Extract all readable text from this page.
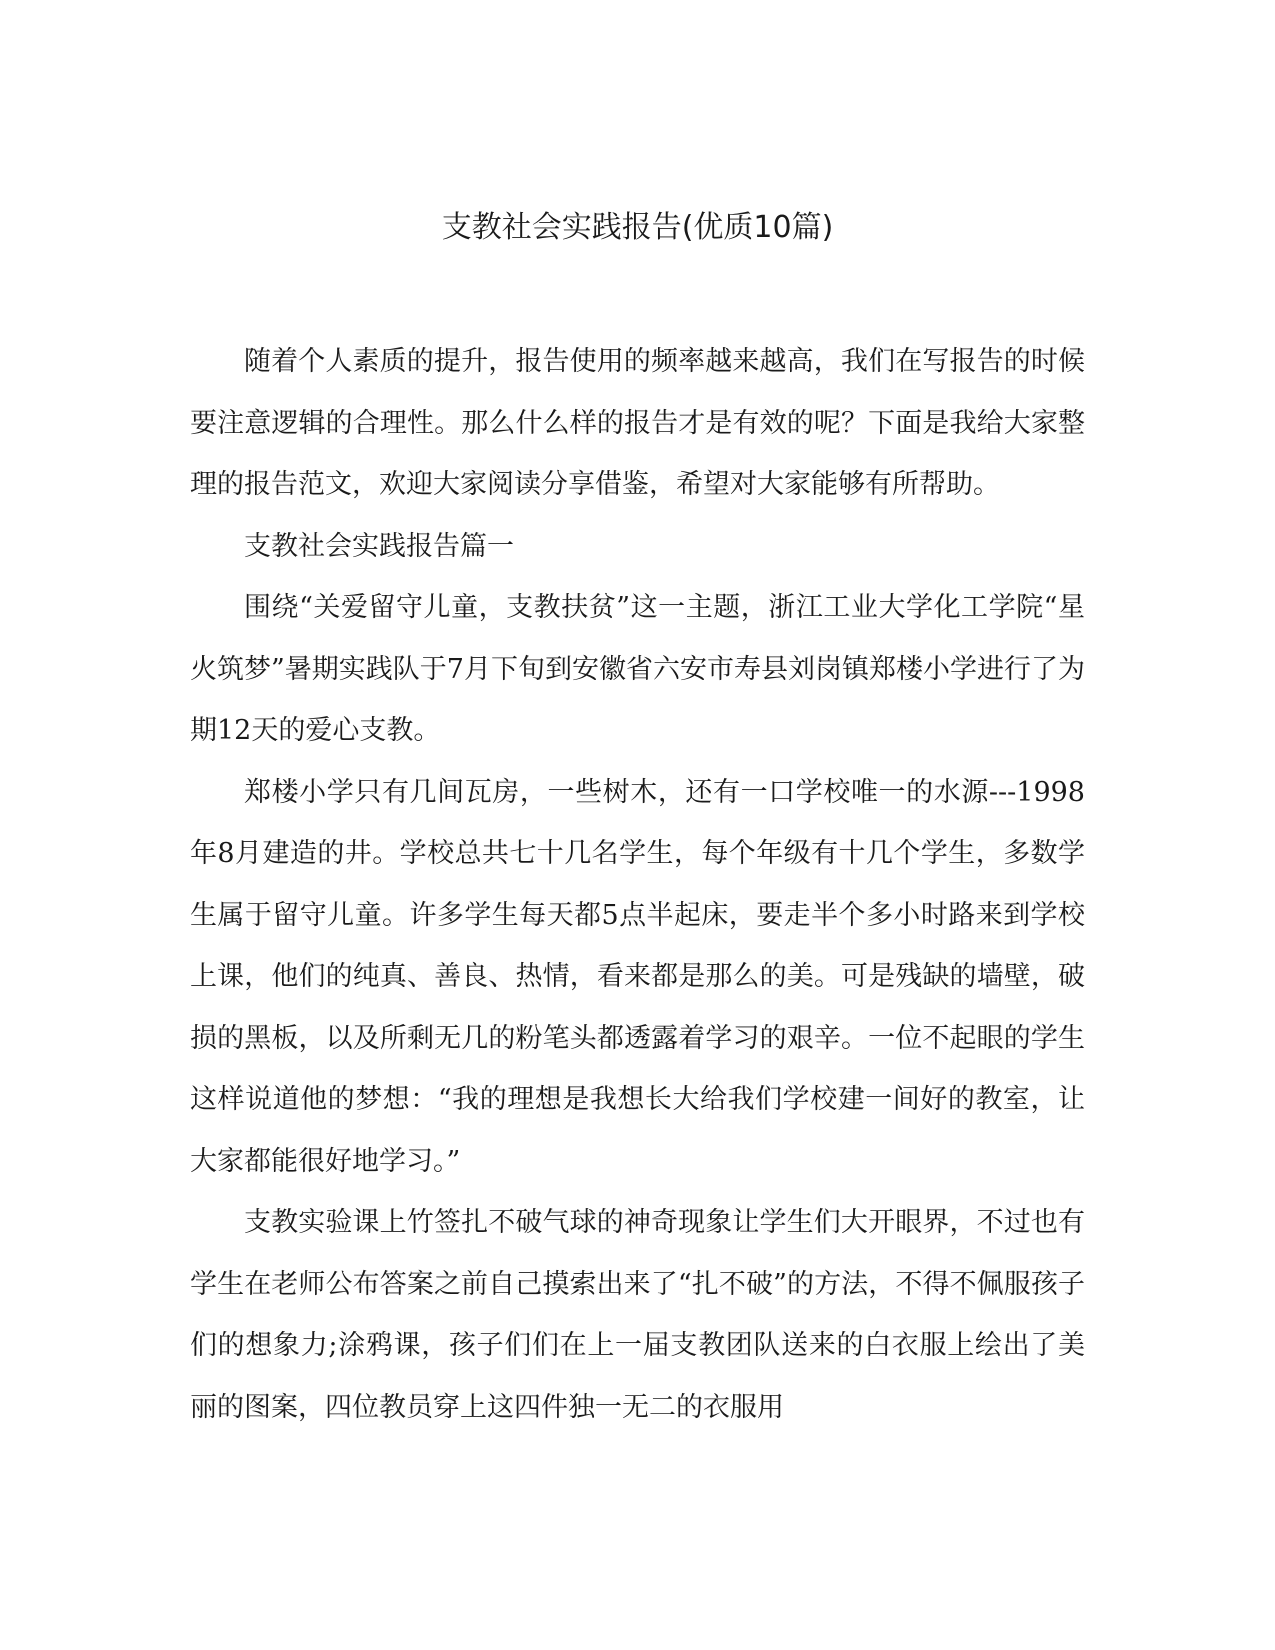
支教社会实践报告(优质10篇)

随着个人素质的提升，报告使用的频率越来越高，我们在写报告的时候要注意逻辑的合理性。那么什么样的报告才是有效的呢？下面是我给大家整理的报告范文，欢迎大家阅读分享借鉴，希望对大家能够有所帮助。

支教社会实践报告篇一

围绕“关爱留守儿童，支教扶贫”这一主题，浙江工业大学化工学院“星火筑梦”暑期实践队于7月下旬到安徽省六安市寿县刘岗镇郑楼小学进行了为期12天的爱心支教。

郑楼小学只有几间瓦房，一些树木，还有一口学校唯一的水源---1998年8月建造的井。学校总共七十几名学生，每个年级有十几个学生，多数学生属于留守儿童。许多学生每天都5点半起床，要走半个多小时路来到学校上课，他们的纯真、善良、热情，看来都是那么的美。可是残缺的墙壁，破损的黑板，以及所剩无几的粉笔头都透露着学习的艰辛。一位不起眼的学生这样说道他的梦想：“我的理想是我想长大给我们学校建一间好的教室，让大家都能很好地学习。”

支教实验课上竹签扎不破气球的神奇现象让学生们大开眼界，不过也有学生在老师公布答案之前自己摸索出来了“扎不破”的方法，不得不佩服孩子们的想象力;涂鸦课，孩子们们在上一届支教团队送来的白衣服上绘出了美丽的图案，四位教员穿上这四件独一无二的衣服用
